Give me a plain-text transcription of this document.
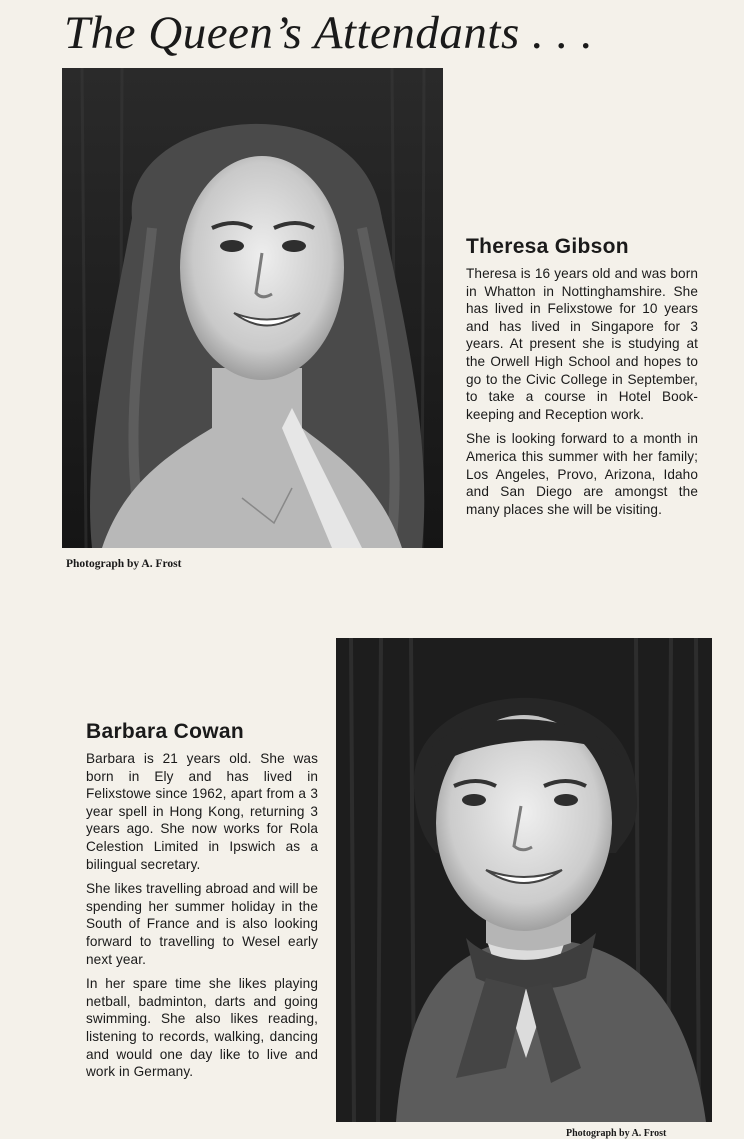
The Queen’s Attendants . . .
Photograph by A. Frost
Theresa Gibson

Theresa is 16 years old and was born in Whatton in Nottinghamshire. She has lived in Felixstowe for 10 years and has lived in Singapore for 3 years. At present she is studying at the Orwell High School and hopes to go to the Civic College in September, to take a course in Hotel Book-keeping and Reception work.

She is looking forward to a month in America this summer with her family; Los Angeles, Provo, Arizona, Idaho and San Diego are amongst the many places she will be visiting.

Photograph by A. Frost
Barbara Cowan

Barbara is 21 years old. She was born in Ely and has lived in Felixstowe since 1962, apart from a 3 year spell in Hong Kong, returning 3 years ago. She now works for Rola Celestion Limited in Ipswich as a bilingual secretary.

She likes travelling abroad and will be spending her summer holiday in the South of France and is also looking forward to travelling to Wesel early next year.

In her spare time she likes playing netball, badminton, darts and going swimming. She also likes reading, listening to records, walking, dancing and would one day like to live and work in Germany.
